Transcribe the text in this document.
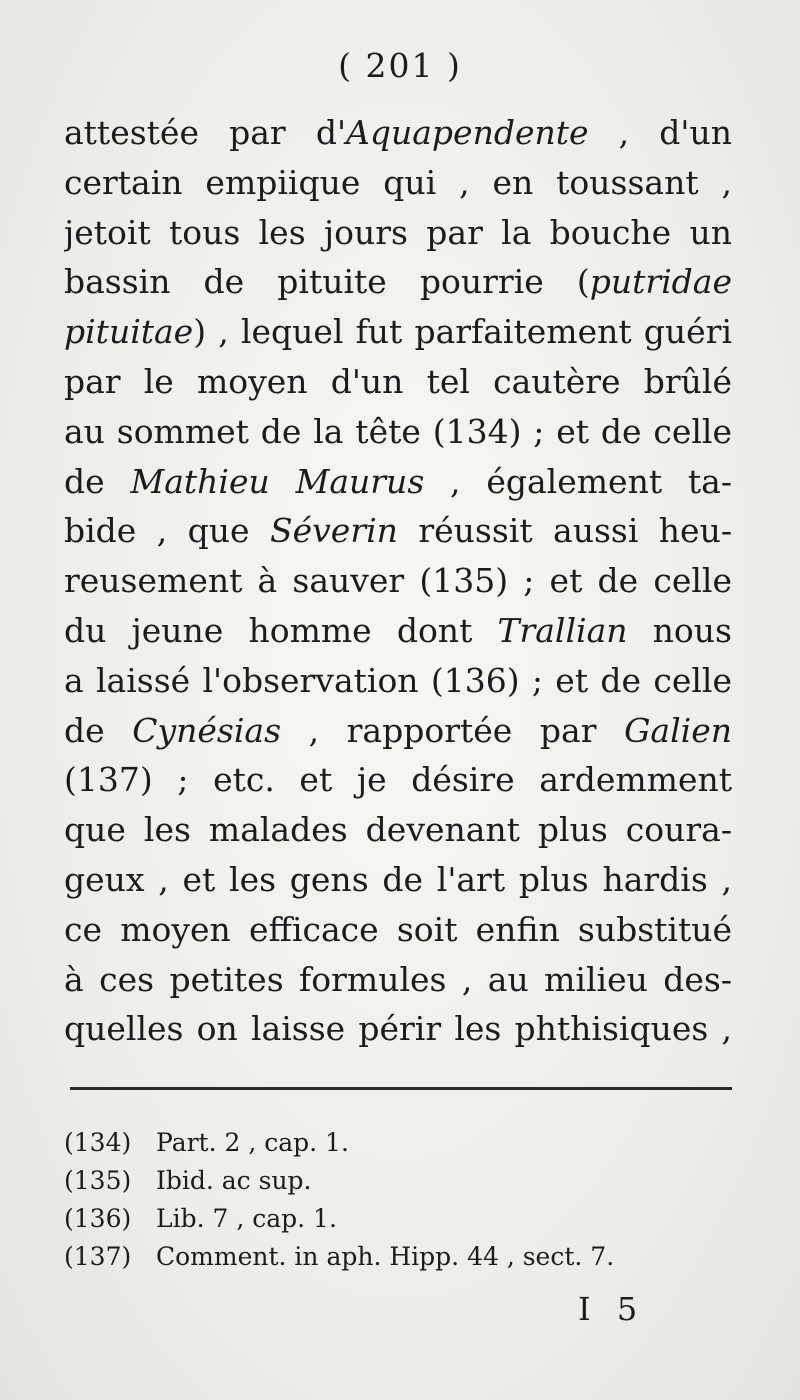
( 201 )
attestée par d'Aquapendente , d'un
certain empiique qui , en toussant ,
jetoit tous les jours par la bouche un
bassin de pituite pourrie (putridae
pituitae) , lequel fut parfaitement guéri
par le moyen d'un tel cautère brûlé
au sommet de la tête (134) ; et de celle
de Mathieu Maurus , également ta-
bide , que Séverin réussit aussi heu-
reusement à sauver (135) ; et de celle
du jeune homme dont Trallian nous
a laissé l'observation (136) ; et de celle
de Cynésias , rapportée par Galien
(137) ; etc. et je désire ardemment
que les malades devenant plus coura-
geux , et les gens de l'art plus hardis ,
ce moyen efficace soit enfin substitué
à ces petites formules , au milieu des-
quelles on laisse périr les phthisiques ,
(134) Part. 2 , cap. 1.
(135) Ibid. ac sup.
(136) Lib. 7 , cap. 1.
(137) Comment. in aph. Hipp. 44 , sect. 7.
I 5
